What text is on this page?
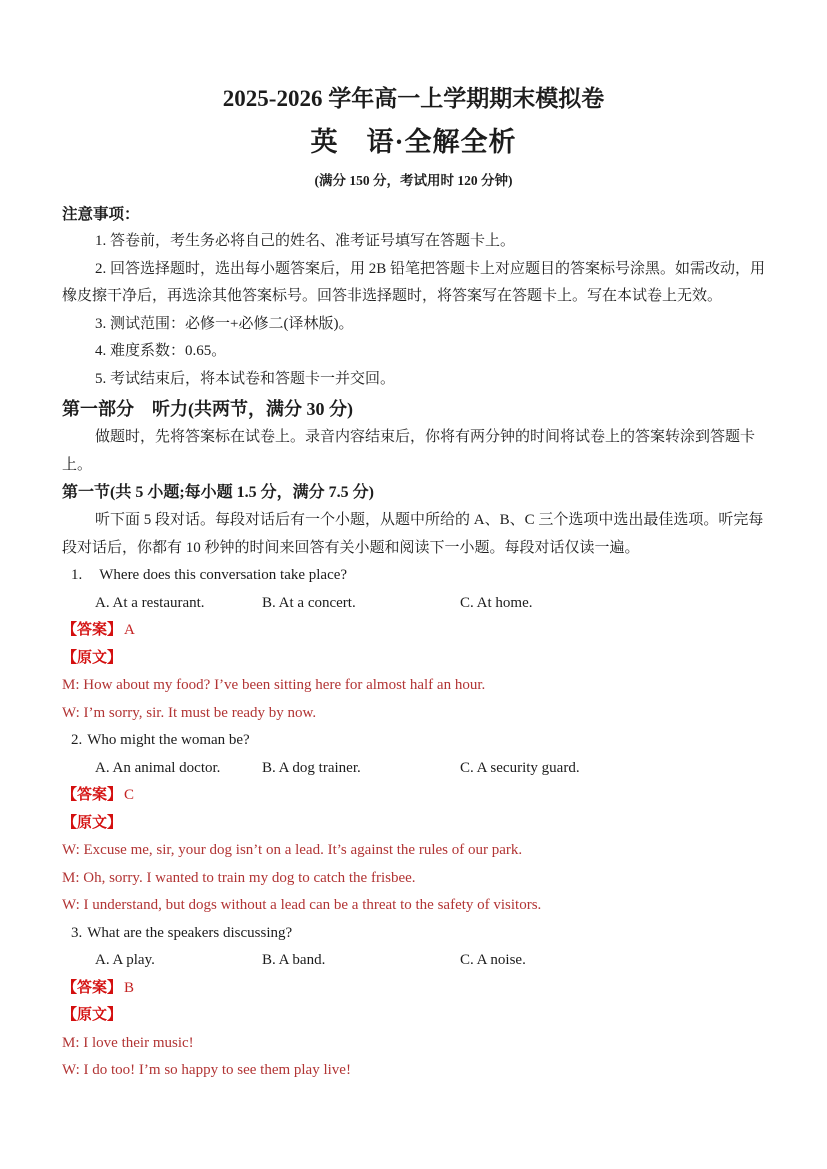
2025-2026 学年高一上学期期末模拟卷
英　语·全解全析

(满分 150 分，考试用时 120 分钟)

注意事项：

1. 答卷前，考生务必将自己的姓名、准考证号填写在答题卡上。

2. 回答选择题时，选出每小题答案后，用 2B 铅笔把答题卡上对应题目的答案标号涂黑。如需改动，用橡皮擦干净后，再选涂其他答案标号。回答非选择题时，将答案写在答题卡上。写在本试卷上无效。

3. 测试范围：必修一+必修二(译林版)。

4. 难度系数：0.65。

5. 考试结束后，将本试卷和答题卡一并交回。

第一部分　听力(共两节，满分 30 分)

做题时，先将答案标在试卷上。录音内容结束后，你将有两分钟的时间将试卷上的答案转涂到答题卡上。

第一节(共 5 小题;每小题 1.5 分，满分 7.5 分)

听下面 5 段对话。每段对话后有一个小题，从题中所给的 A、B、C 三个选项中选出最佳选项。听完每段对话后，你都有 10 秒钟的时间来回答有关小题和阅读下一小题。每段对话仅读一遍。

1. Where does this conversation take place?
A. At a restaurant.	B. At a concert.	C. At home.
【答案】 A
【原文】

M: How about my food? I’ve been sitting here for almost half an hour.

W: I’m sorry, sir. It must be ready by now.

2. Who might the woman be?
A. An animal doctor.	B. A dog trainer.	C. A security guard.
【答案】 C
【原文】

W: Excuse me, sir, your dog isn’t on a lead. It’s against the rules of our park.

M: Oh, sorry. I wanted to train my dog to catch the frisbee.

W: I understand, but dogs without a lead can be a threat to the safety of visitors.

3. What are the speakers discussing?
A. A play.	B. A band.	C. A noise.
【答案】 B
【原文】

M: I love their music!

W: I do too! I’m so happy to see them play live!
